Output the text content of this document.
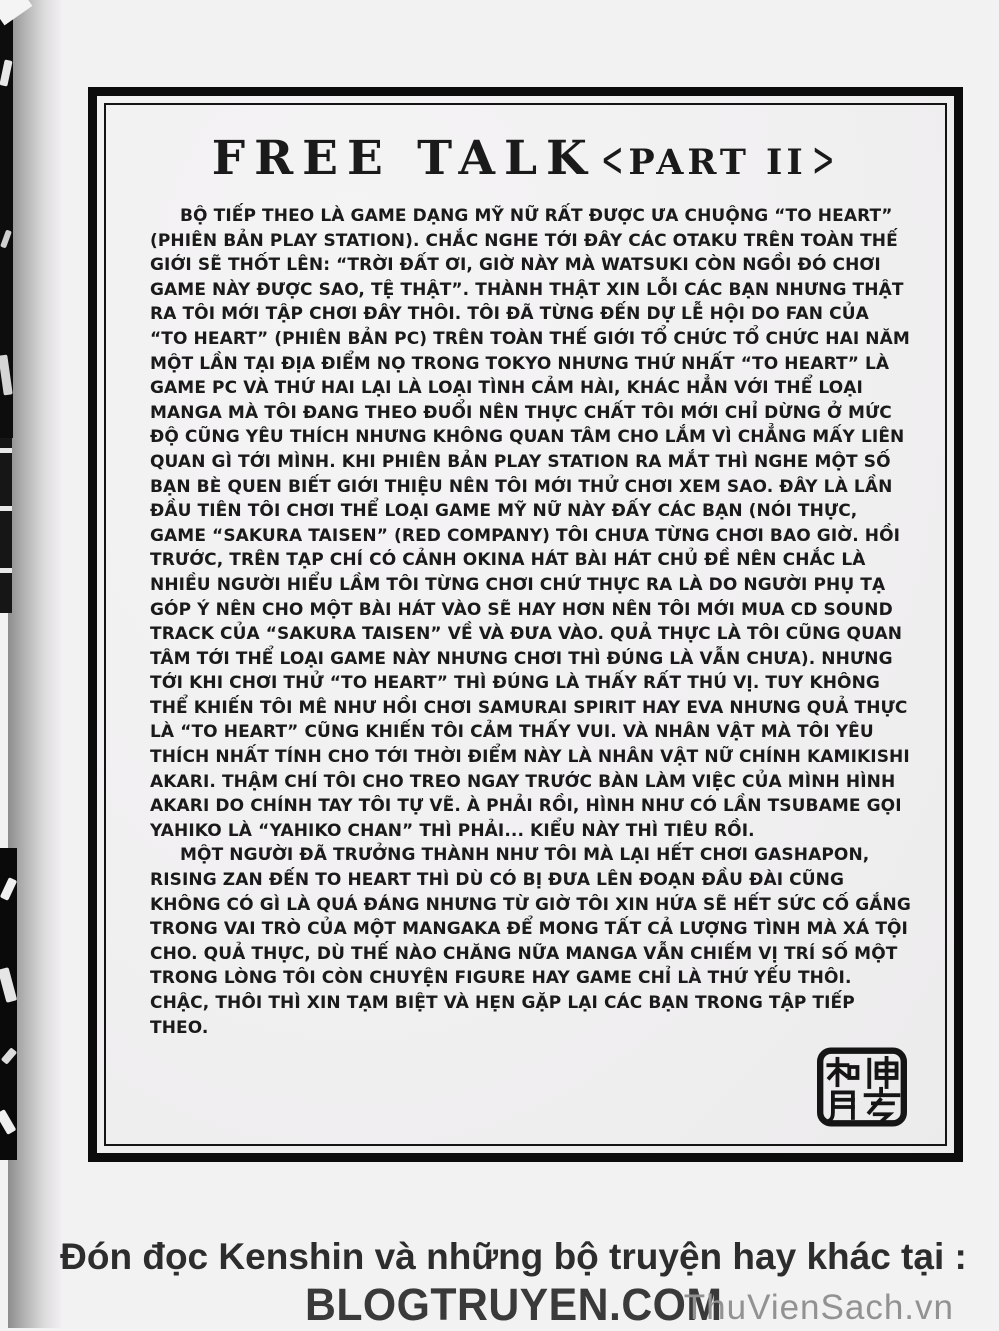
FREE TALK < PART II >

BỘ TIẾP THEO LÀ GAME DẠNG MỸ NỮ RẤT ĐƯỢC ƯA CHUỘNG “TO HEART” (PHIÊN BẢN PLAY STATION). CHẮC NGHE TỚI ĐÂY CÁC OTAKU TRÊN TOÀN THẾ GIỚI SẼ THỐT LÊN: “TRỜI ĐẤT ƠI, GIỜ NÀY MÀ WATSUKI CÒN NGỒI ĐÓ CHƠI GAME NÀY ĐƯỢC SAO, TỆ THẬT”. THÀNH THẬT XIN LỖI CÁC BẠN NHƯNG THẬT RA TÔI MỚI TẬP CHƠI ĐÂY THÔI. TÔI ĐÃ TỪNG ĐẾN DỰ LỄ HỘI DO FAN CỦA “TO HEART” (PHIÊN BẢN PC) TRÊN TOÀN THẾ GIỚI TỔ CHỨC TỔ CHỨC HAI NĂM MỘT LẦN TẠI ĐỊA ĐIỂM NỌ TRONG TOKYO NHƯNG THỨ NHẤT “TO HEART” LÀ GAME PC VÀ THỨ HAI LẠI LÀ LOẠI TÌNH CẢM HÀI, KHÁC HẲN VỚI THỂ LOẠI MANGA MÀ TÔI ĐANG THEO ĐUỔI NÊN THỰC CHẤT TÔI MỚI CHỈ DỪNG Ở MỨC ĐỘ CŨNG YÊU THÍCH NHƯNG KHÔNG QUAN TÂM CHO LẮM VÌ CHẲNG MẤY LIÊN QUAN GÌ TỚI MÌNH. KHI PHIÊN BẢN PLAY STATION RA MẮT THÌ NGHE MỘT SỐ BẠN BÈ QUEN BIẾT GIỚI THIỆU NÊN TÔI MỚI THỬ CHƠI XEM SAO. ĐÂY LÀ LẦN ĐẦU TIÊN TÔI CHƠI THỂ LOẠI GAME MỸ NỮ NÀY ĐẤY CÁC BẠN (NÓI THỰC, GAME “SAKURA TAISEN” (RED COMPANY) TÔI CHƯA TỪNG CHƠI BAO GIỜ. HỒI TRƯỚC, TRÊN TẠP CHÍ CÓ CẢNH OKINA HÁT BÀI HÁT CHỦ ĐỀ NÊN CHẮC LÀ NHIỀU NGƯỜI HIỂU LẦM TÔI TỪNG CHƠI CHỨ THỰC RA LÀ DO NGƯỜI PHỤ TẠ GÓP Ý NÊN CHO MỘT BÀI HÁT VÀO SẼ HAY HƠN NÊN TÔI MỚI MUA CD SOUND TRACK CỦA “SAKURA TAISEN” VỀ VÀ ĐƯA VÀO. QUẢ THỰC LÀ TÔI CŨNG QUAN TÂM TỚI THỂ LOẠI GAME NÀY NHƯNG CHƠI THÌ ĐÚNG LÀ VẪN CHƯA). NHƯNG TỚI KHI CHƠI THỬ “TO HEART” THÌ ĐÚNG LÀ THẤY RẤT THÚ VỊ. TUY KHÔNG THỂ KHIẾN TÔI MÊ NHƯ HỒI CHƠI SAMURAI SPIRIT HAY EVA NHƯNG QUẢ THỰC LÀ “TO HEART” CŨNG KHIẾN TÔI CẢM THẤY VUI. VÀ NHÂN VẬT MÀ TÔI YÊU THÍCH NHẤT TÍNH CHO TỚI THỜI ĐIỂM NÀY LÀ NHÂN VẬT NỮ CHÍNH KAMIKISHI AKARI. THẬM CHÍ TÔI CHO TREO NGAY TRƯỚC BÀN LÀM VIỆC CỦA MÌNH HÌNH AKARI DO CHÍNH TAY TÔI TỰ VẼ. À PHẢI RỒI, HÌNH NHƯ CÓ LẦN TSUBAME GỌI YAHIKO LÀ “YAHIKO CHAN” THÌ PHẢI... KIỂU NÀY THÌ TIÊU RỒI.

MỘT NGƯỜI ĐÃ TRƯỞNG THÀNH NHƯ TÔI MÀ LẠI HẾT CHƠI GASHAPON, RISING ZAN ĐẾN TO HEART THÌ DÙ CÓ BỊ ĐƯA LÊN ĐOẠN ĐẦU ĐÀI CŨNG KHÔNG CÓ GÌ LÀ QUÁ ĐÁNG NHƯNG TỪ GIỜ TÔI XIN HỨA SẼ HẾT SỨC CỐ GẮNG TRONG VAI TRÒ CỦA MỘT MANGAKA ĐỂ MONG TẤT CẢ LƯỢNG TÌNH MÀ XÁ TỘI CHO. QUẢ THỰC, DÙ THẾ NÀO CHĂNG NỮA MANGA VẪN CHIẾM VỊ TRÍ SỐ MỘT TRONG LÒNG TÔI CÒN CHUYỆN FIGURE HAY GAME CHỈ LÀ THỨ YẾU THÔI. CHẬC, THÔI THÌ XIN TẠM BIỆT VÀ HẸN GẶP LẠI CÁC BẠN TRONG TẬP TIẾP THEO.

Đón đọc Kenshin và những bộ truyện hay khác tại :
BLOGTRUYEN.COM
ThuVienSach.vn
